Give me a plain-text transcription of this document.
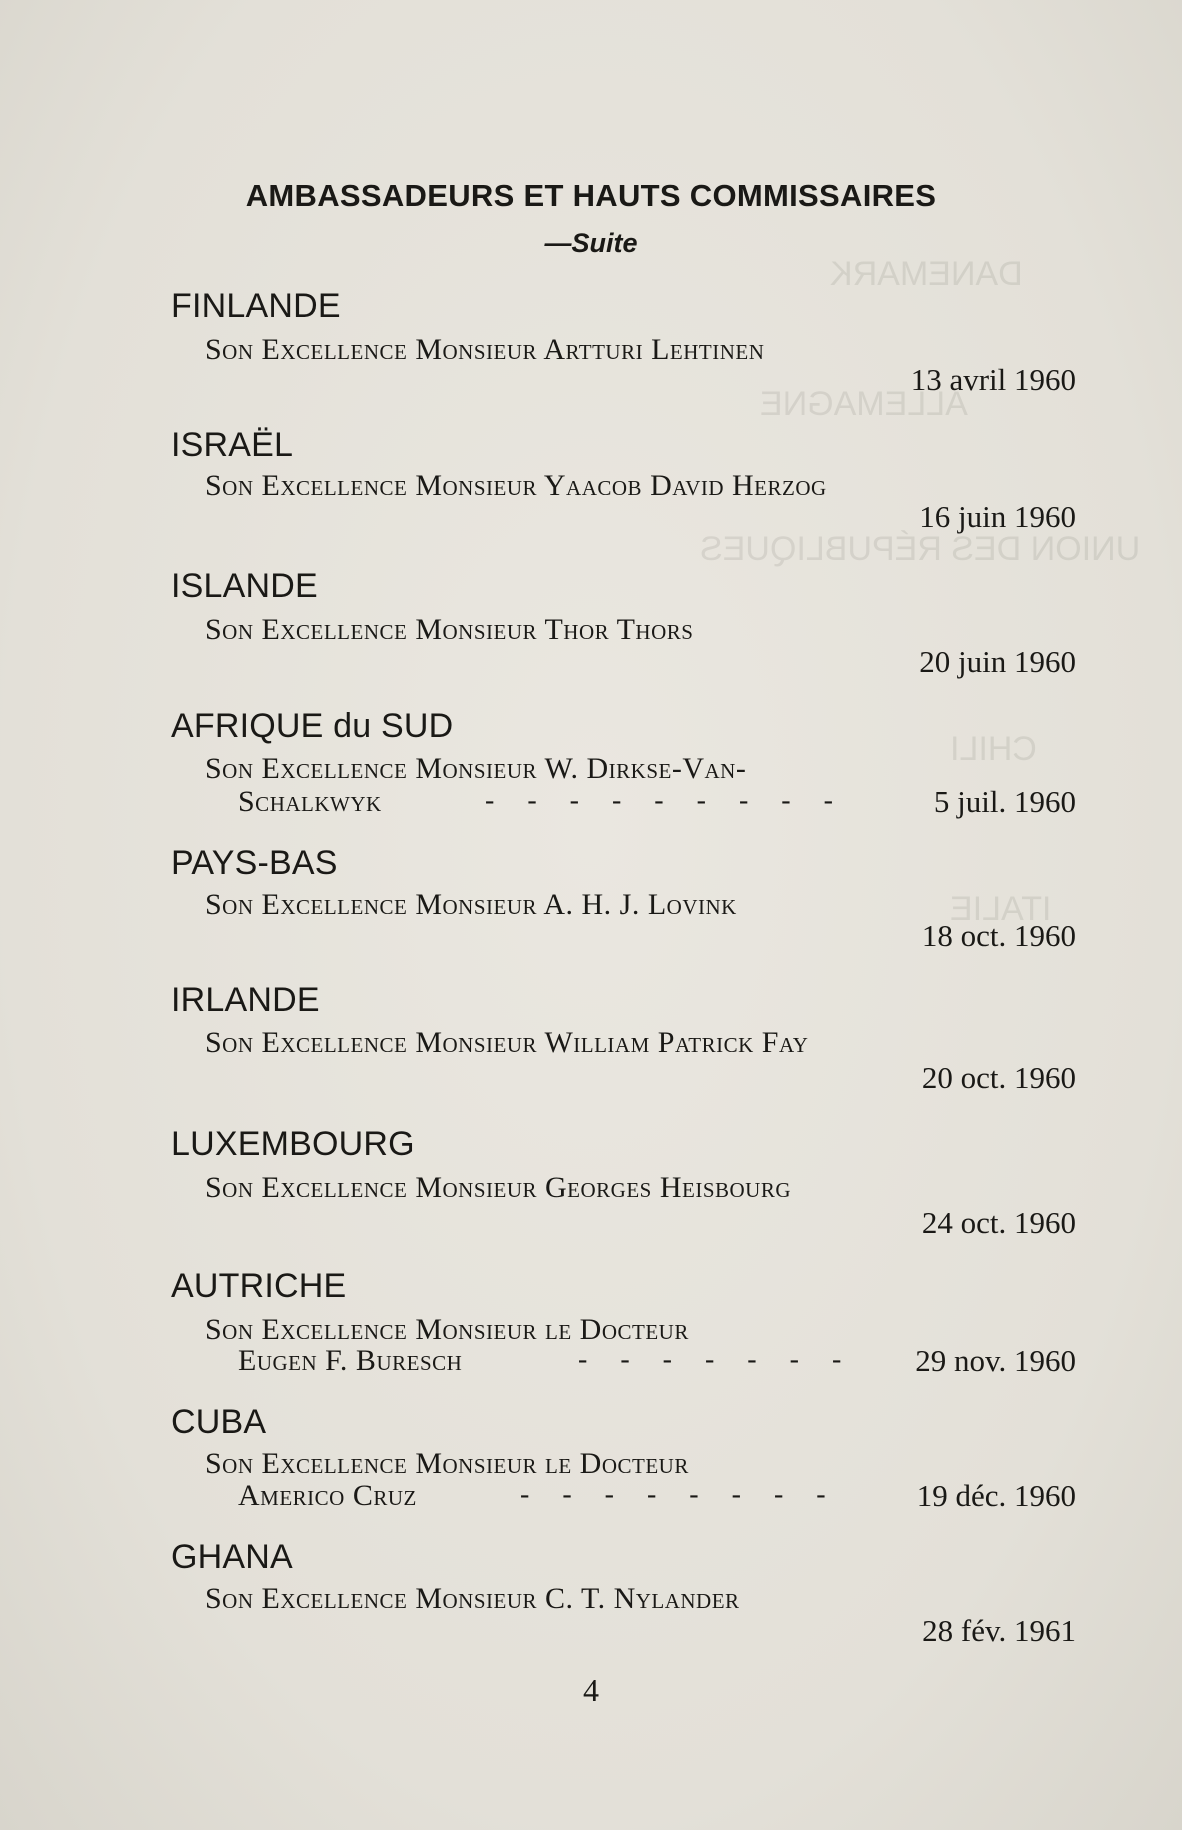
DANEMARK
ALLEMAGNE
UNION DES RÉPUBLIQUES
CHILI
ITALIE
AMBASSADEURS ET HAUTS COMMISSAIRES
—Suite
FINLANDE
Son Excellence Monsieur Artturi Lehtinen
13 avril 1960
ISRAËL
Son Excellence Monsieur Yaacob David Herzog
16 juin 1960
ISLANDE
Son Excellence Monsieur Thor Thors
20 juin 1960
AFRIQUE du SUD
Son Excellence Monsieur W. Dirkse-Van-
Schalkwyk	- - - - - - - - -	5 juil. 1960
PAYS-BAS
Son Excellence Monsieur A. H. J. Lovink
18 oct. 1960
IRLANDE
Son Excellence Monsieur William Patrick Fay
20 oct. 1960
LUXEMBOURG
Son Excellence Monsieur Georges Heisbourg
24 oct. 1960
AUTRICHE
Son Excellence Monsieur le Docteur
Eugen F. Buresch	- - - - - - - 29 nov. 1960
CUBA
Son Excellence Monsieur le Docteur
Americo Cruz	- - - - - - - -	19 déc. 1960
GHANA
Son Excellence Monsieur C. T. Nylander
28 fév. 1961
4
